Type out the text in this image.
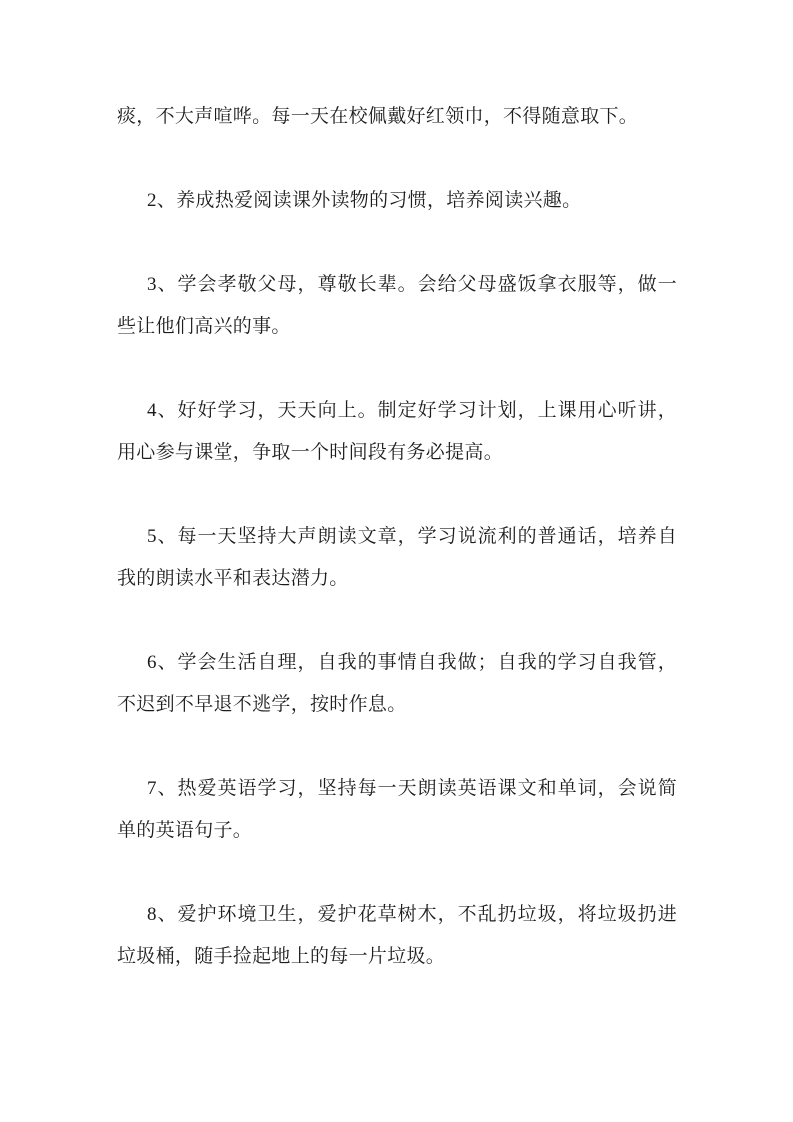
痰，不大声喧哗。每一天在校佩戴好红领巾，不得随意取下。

2、养成热爱阅读课外读物的习惯，培养阅读兴趣。

3、学会孝敬父母，尊敬长辈。会给父母盛饭拿衣服等，做一些让他们高兴的事。

4、好好学习，天天向上。制定好学习计划，上课用心听讲，用心参与课堂，争取一个时间段有务必提高。

5、每一天坚持大声朗读文章，学习说流利的普通话，培养自我的朗读水平和表达潜力。

6、学会生活自理，自我的事情自我做；自我的学习自我管，不迟到不早退不逃学，按时作息。

7、热爱英语学习，坚持每一天朗读英语课文和单词，会说简单的英语句子。

8、爱护环境卫生，爱护花草树木，不乱扔垃圾，将垃圾扔进垃圾桶，随手捡起地上的每一片垃圾。
